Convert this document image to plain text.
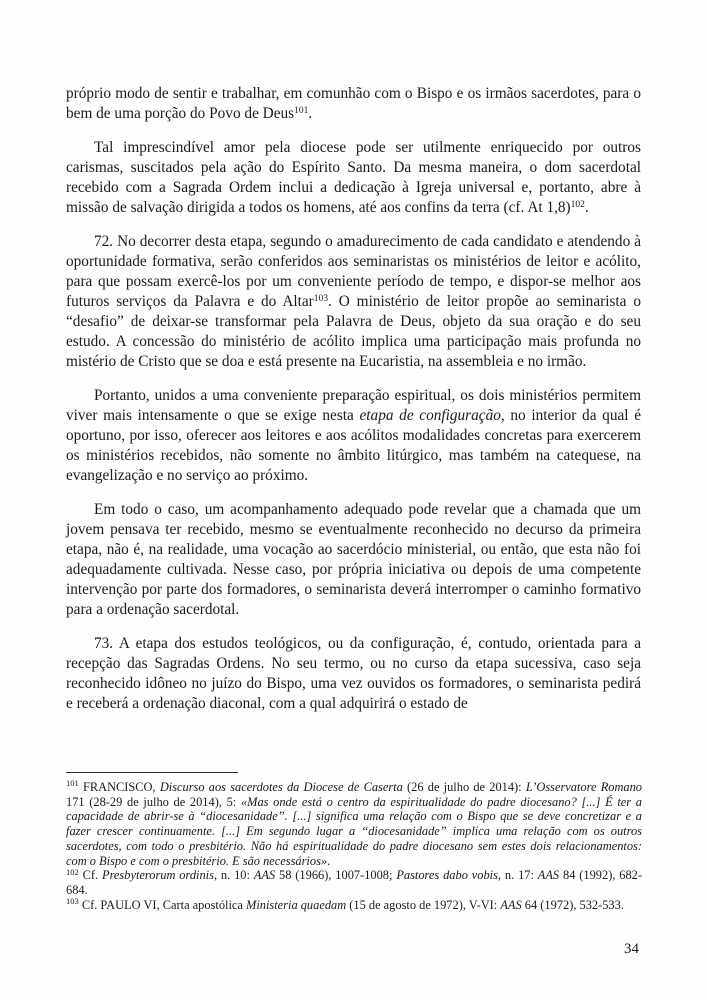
próprio modo de sentir e trabalhar, em comunhão com o Bispo e os irmãos sacerdotes, para o bem de uma porção do Povo de Deus$^{101}$.

Tal imprescindível amor pela diocese pode ser utilmente enriquecido por outros carismas, suscitados pela ação do Espírito Santo. Da mesma maneira, o dom sacerdotal recebido com a Sagrada Ordem inclui a dedicação à Igreja universal e, portanto, abre à missão de salvação dirigida a todos os homens, até aos confins da terra (cf. At 1,8)$^{102}$.

72. No decorrer desta etapa, segundo o amadurecimento de cada candidato e atendendo à oportunidade formativa, serão conferidos aos seminaristas os ministérios de leitor e acólito, para que possam exercê-los por um conveniente período de tempo, e dispor-se melhor aos futuros serviços da Palavra e do Altar$^{103}$. O ministério de leitor propõe ao seminarista o “desafio” de deixar-se transformar pela Palavra de Deus, objeto da sua oração e do seu estudo. A concessão do ministério de acólito implica uma participação mais profunda no mistério de Cristo que se doa e está presente na Eucaristia, na assembleia e no irmão.

Portanto, unidos a uma conveniente preparação espiritual, os dois ministérios permitem viver mais intensamente o que se exige nesta etapa de configuração, no interior da qual é oportuno, por isso, oferecer aos leitores e aos acólitos modalidades concretas para exercerem os ministérios recebidos, não somente no âmbito litúrgico, mas também na catequese, na evangelização e no serviço ao próximo.

Em todo o caso, um acompanhamento adequado pode revelar que a chamada que um jovem pensava ter recebido, mesmo se eventualmente reconhecido no decurso da primeira etapa, não é, na realidade, uma vocação ao sacerdócio ministerial, ou então, que esta não foi adequadamente cultivada. Nesse caso, por própria iniciativa ou depois de uma competente intervenção por parte dos formadores, o seminarista deverá interromper o caminho formativo para a ordenação sacerdotal.

73. A etapa dos estudos teológicos, ou da configuração, é, contudo, orientada para a recepção das Sagradas Ordens. No seu termo, ou no curso da etapa sucessiva, caso seja reconhecido idôneo no juízo do Bispo, uma vez ouvidos os formadores, o seminarista pedirá e receberá a ordenação diaconal, com a qual adquirirá o estado de

$^{101}$ FRANCISCO, Discurso aos sacerdotes da Diocese de Caserta (26 de julho de 2014): L’Osservatore Romano 171 (28-29 de julho de 2014), 5: «Mas onde está o centro da espiritualidade do padre diocesano? [...] É ter a capacidade de abrir-se à “diocesanidade”. [...] significa uma relação com o Bispo que se deve concretizar e a fazer crescer continuamente. [...] Em segundo lugar a “diocesanidade” implica uma relação com os outros sacerdotes, com todo o presbitério. Não há espiritualidade do padre diocesano sem estes dois relacionamentos: com o Bispo e com o presbitério. E são necessários».

$^{102}$ Cf. Presbyterorum ordinis, n. 10: AAS 58 (1966), 1007-1008; Pastores dabo vobis, n. 17: AAS 84 (1992), 682-684.

$^{103}$ Cf. PAULO VI, Carta apostólica Ministeria quaedam (15 de agosto de 1972), V-VI: AAS 64 (1972), 532-533.

34
